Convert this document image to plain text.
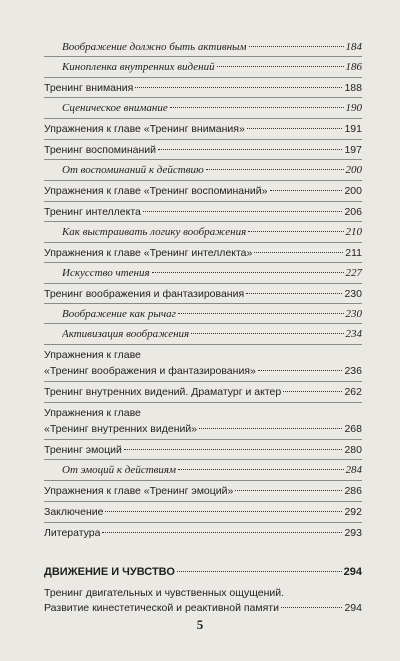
Воображение должно быть активным	184
Кинопленка внутренних видений	186
Тренинг внимания	188
Сценическое внимание	190
Упражнения к главе «Тренинг внимания»	191
Тренинг воспоминаний	197
От воспоминаний к действию	200
Упражнения к главе «Тренинг воспоминаний»	200
Тренинг интеллекта	206
Как выстраивать логику воображения	210
Упражнения к главе «Тренинг интеллекта»	211
Искусство чтения	227
Тренинг воображения и фантазирования	230
Воображение как рычаг	230
Активизация воображения	234
Упражнения к главе
«Тренинг воображения и фантазирования»	236
Тренинг внутренних видений. Драматург и актер	262
Упражнения к главе
«Тренинг внутренних видений»	268
Тренинг эмоций	280
От эмоций к действиям	284
Упражнения к главе «Тренинг эмоций»	286
Заключение	292
Литература	293
ДВИЖЕНИЕ И ЧУВСТВО	294
Тренинг двигательных и чувственных ощущений.
Развитие кинестетической и реактивной памяти	294
5
